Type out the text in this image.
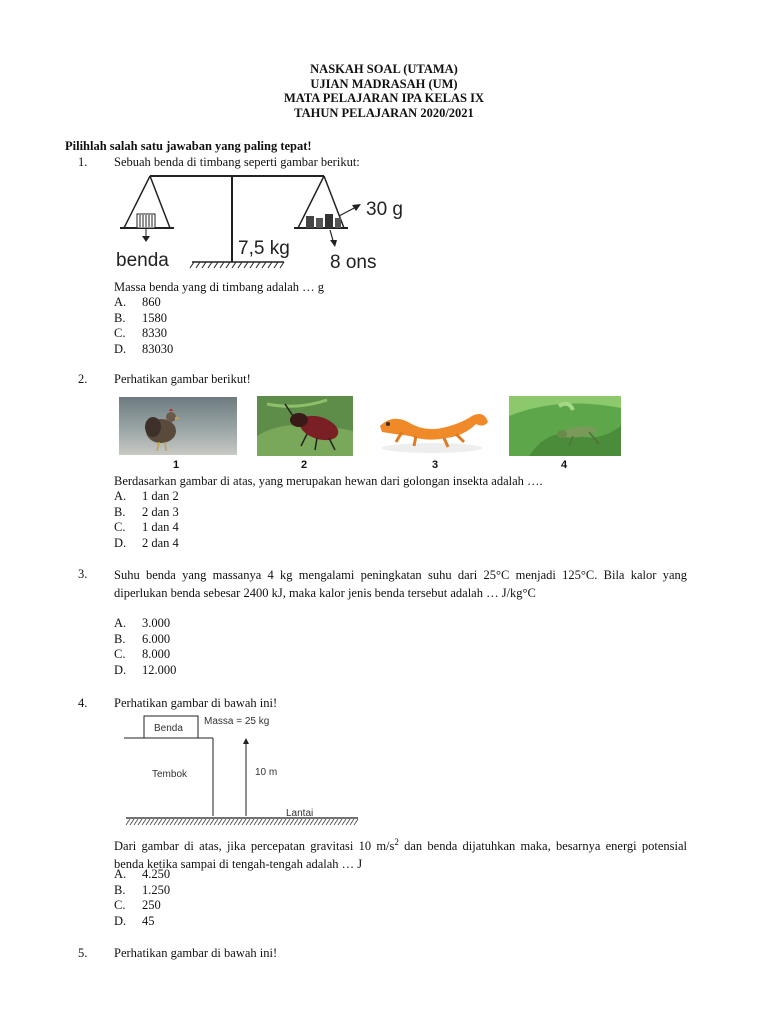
NASKAH SOAL (UTAMA)
UJIAN MADRASAH (UM)
MATA PELAJARAN IPA KELAS IX
TAHUN PELAJARAN 2020/2021
Pilihlah salah satu jawaban yang paling tepat!
1. Sebuah benda di timbang seperti gambar berikut:
benda
7,5 kg
30 g
8 ons
Massa benda yang di timbang adalah … g
A.	860
B.	1580
C.	8330
D.	83030
2. Perhatikan gambar berikut!
1	2	3	4
Berdasarkan gambar di atas, yang merupakan hewan dari golongan insekta adalah ….
A.	1 dan 2
B.	2 dan 3
C.	1 dan 4
D.	2 dan 4
3. Suhu benda yang massanya 4 kg mengalami peningkatan suhu dari 25°C menjadi 125°C. Bila kalor yang diperlukan benda sebesar 2400 kJ, maka kalor jenis benda tersebut adalah … J/kg°C
A.	3.000
B.	6.000
C.	8.000
D.	12.000
4. Perhatikan gambar di bawah ini!
Benda
Massa = 25 kg
Tembok	10 m
Lantai
Dari gambar di atas, jika percepatan gravitasi 10 $m/s^2$ dan benda dijatuhkan maka, besarnya energi potensial benda ketika sampai di tengah-tengah adalah … J
A.	4.250
B.	1.250
C.	250
D.	45
5. Perhatikan gambar di bawah ini!
